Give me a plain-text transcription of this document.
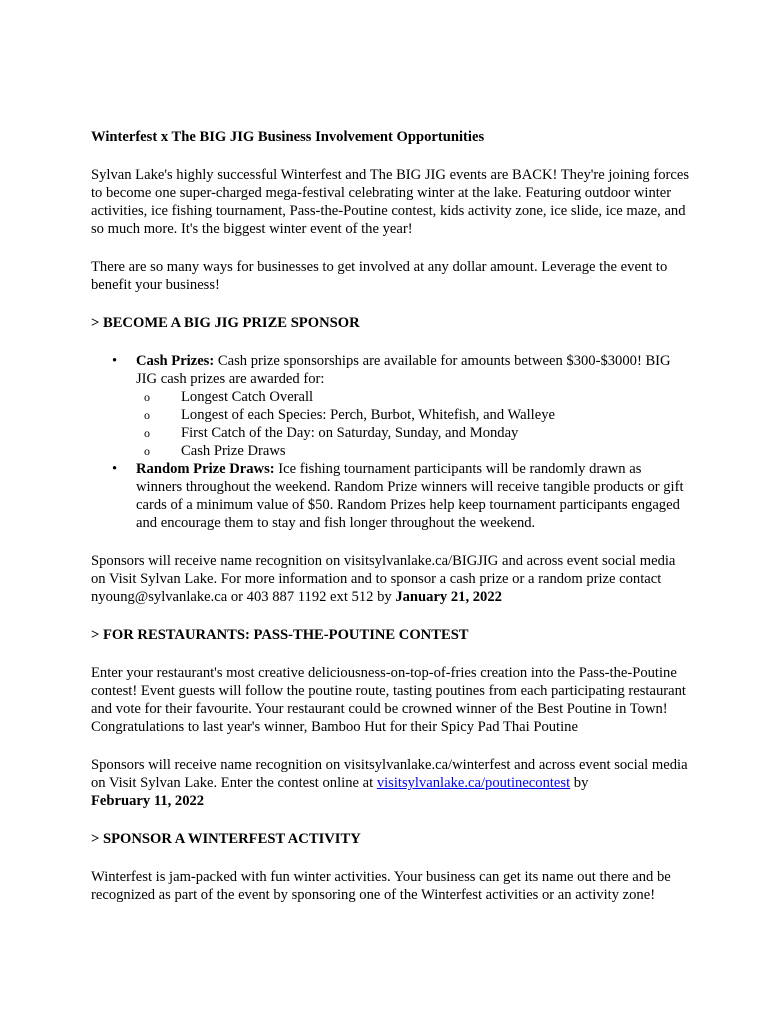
Winterfest x The BIG JIG Business Involvement Opportunities

Sylvan Lake's highly successful Winterfest and The BIG JIG events are BACK! They're joining forces to become one super-charged mega-festival celebrating winter at the lake. Featuring outdoor winter activities, ice fishing tournament, Pass-the-Poutine contest, kids activity zone, ice slide, ice maze, and so much more. It's the biggest winter event of the year!

There are so many ways for businesses to get involved at any dollar amount. Leverage the event to benefit your business!

> BECOME A BIG JIG PRIZE SPONSOR

• Cash Prizes: Cash prize sponsorships are available for amounts between $300-$3000! BIG JIG cash prizes are awarded for:
o Longest Catch Overall
o Longest of each Species: Perch, Burbot, Whitefish, and Walleye
o First Catch of the Day: on Saturday, Sunday, and Monday
o Cash Prize Draws
• Random Prize Draws: Ice fishing tournament participants will be randomly drawn as winners throughout the weekend. Random Prize winners will receive tangible products or gift cards of a minimum value of $50. Random Prizes help keep tournament participants engaged and encourage them to stay and fish longer throughout the weekend.

Sponsors will receive name recognition on visitsylvanlake.ca/BIGJIG and across event social media on Visit Sylvan Lake. For more information and to sponsor a cash prize or a random prize contact nyoung@sylvanlake.ca or 403 887 1192 ext 512 by January 21, 2022

> FOR RESTAURANTS: PASS-THE-POUTINE CONTEST

Enter your restaurant's most creative deliciousness-on-top-of-fries creation into the Pass-the-Poutine contest! Event guests will follow the poutine route, tasting poutines from each participating restaurant and vote for their favourite. Your restaurant could be crowned winner of the Best Poutine in Town! Congratulations to last year's winner, Bamboo Hut for their Spicy Pad Thai Poutine

Sponsors will receive name recognition on visitsylvanlake.ca/winterfest and across event social media on Visit Sylvan Lake. Enter the contest online at visitsylvanlake.ca/poutinecontest by
February 11, 2022

> SPONSOR A WINTERFEST ACTIVITY

Winterfest is jam-packed with fun winter activities. Your business can get its name out there and be recognized as part of the event by sponsoring one of the Winterfest activities or an activity zone!
